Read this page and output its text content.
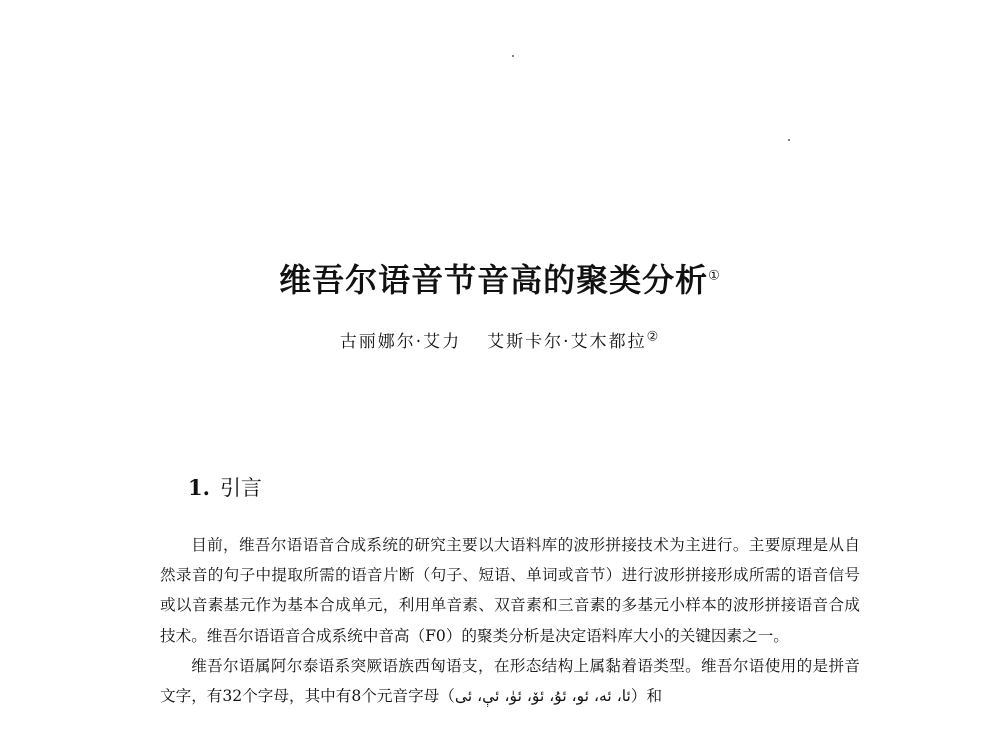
维吾尔语音节音高的聚类分析①
古丽娜尔·艾力 艾斯卡尔·艾木都拉②
1. 引言

目前，维吾尔语语音合成系统的研究主要以大语料库的波形拼接技术为主进行。主要原理是从自然录音的句子中提取所需的语音片断（句子、短语、单词或音节）进行波形拼接形成所需的语音信号或以音素基元作为基本合成单元，利用单音素、双音素和三音素的多基元小样本的波形拼接语音合成技术。维吾尔语语音合成系统中音高（F0）的聚类分析是决定语料库大小的关键因素之一。

维吾尔语属阿尔泰语系突厥语族西匈语支，在形态结构上属黏着语类型。维吾尔语使用的是拼音文字，有32个字母，其中有8个元音字母（ئا، ئە، ئو، ئۇ، ئۆ، ئۈ، ئې، ئى）和
